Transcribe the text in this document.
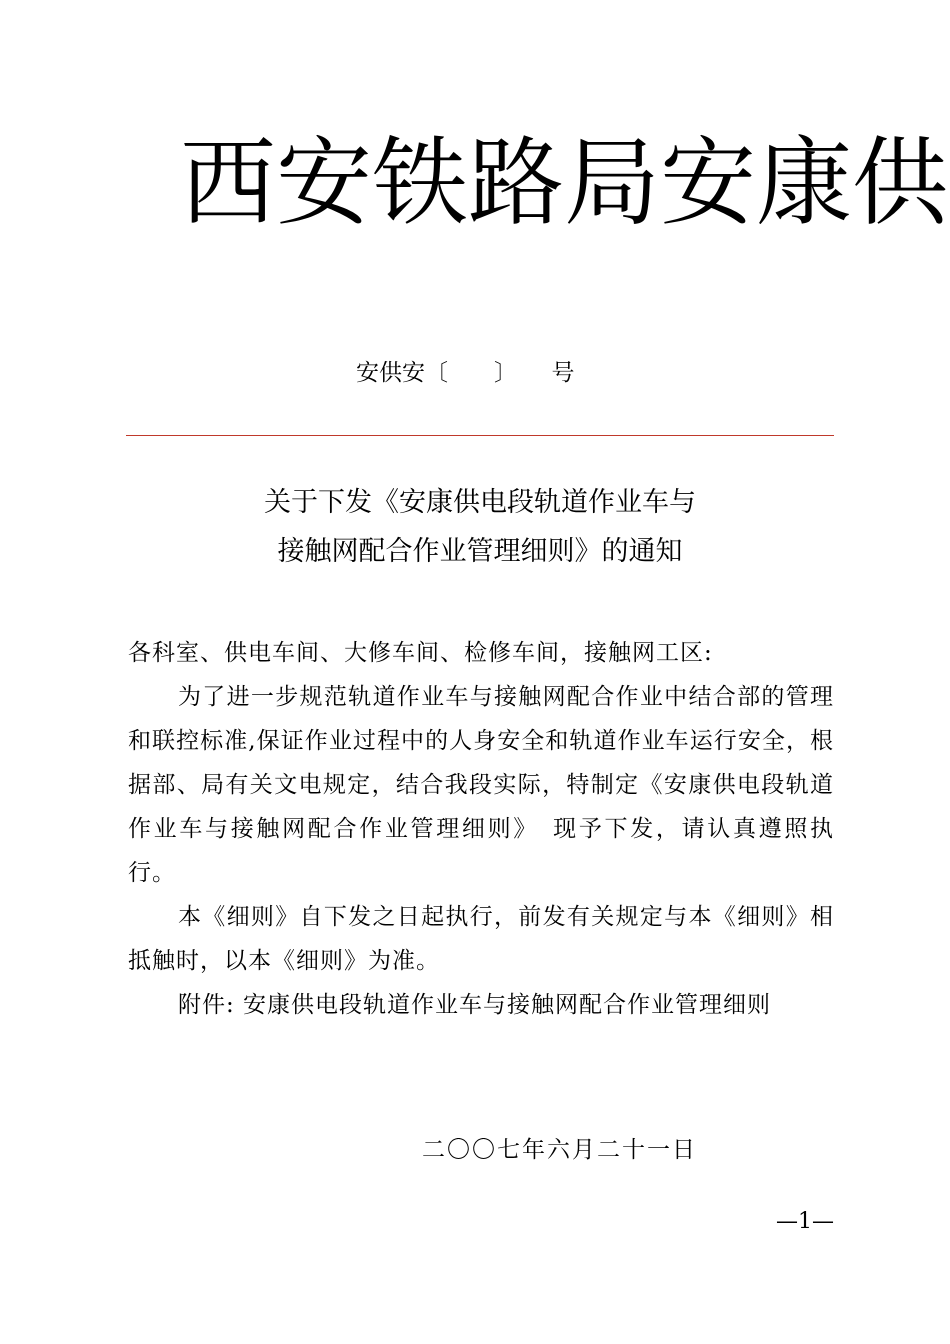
西安铁路局安康供
安供安〔　　〕　　号
关于下发《安康供电段轨道作业车与
接触网配合作业管理细则》的通知
各科室、供电车间、大修车间、检修车间，接触网工区:
为了进一步规范轨道作业车与接触网配合作业中结合部的管理和联控标准,保证作业过程中的人身安全和轨道作业车运行安全，根据部、局有关文电规定，结合我段实际，特制定《安康供电段轨道作业车与接触网配合作业管理细则》　现予下发，请认真遵照执行。
本《细则》自下发之日起执行，前发有关规定与本《细则》相抵触时，以本《细则》为准。
附件: 安康供电段轨道作业车与接触网配合作业管理细则
二〇〇七年六月二十一日
—1—
